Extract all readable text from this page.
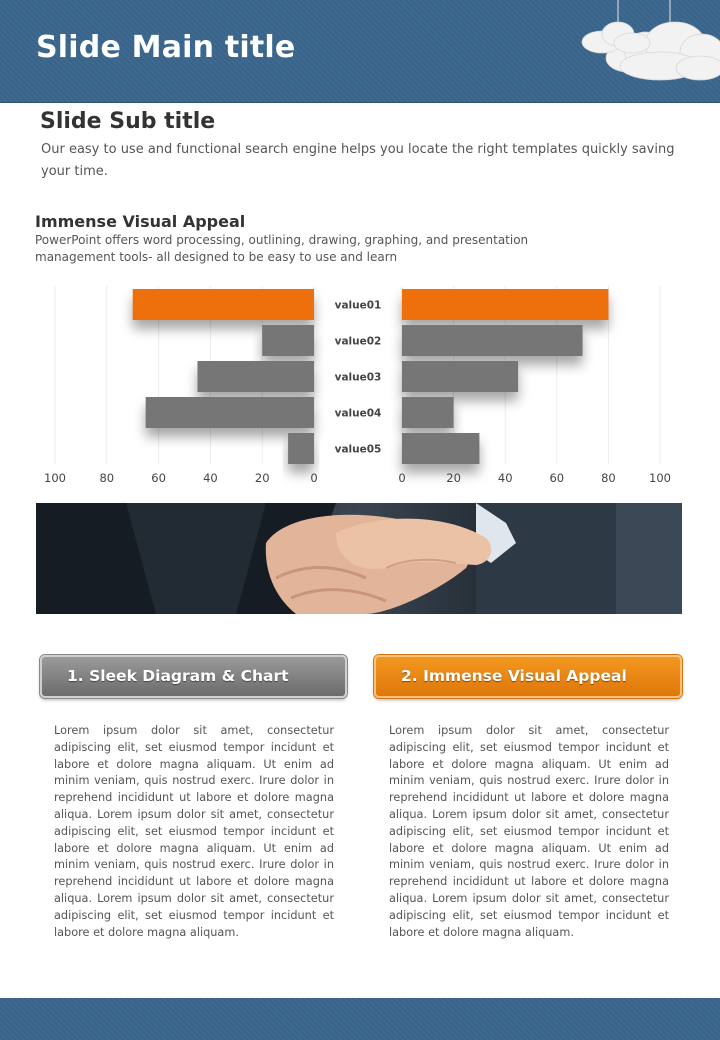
Slide Main title
Slide Sub title
Our easy to use and functional search engine helps you locate the right templates quickly saving your time.
Immense Visual Appeal
PowerPoint offers word processing, outlining, drawing, graphing, and presentation management tools- all designed to be easy to use and learn
value01
value02
value03
value04
value05
100	80	60	40	20	0	0	20	40	60	80	100
1. Sleek Diagram & Chart	2. Immense Visual Appeal
Lorem ipsum dolor sit amet, consectetur adipiscing elit, set eiusmod tempor incidunt et labore et dolore magna aliquam. Ut enim ad minim veniam, quis nostrud exerc. Irure dolor in reprehend incididunt ut labore et dolore magna aliqua. Lorem ipsum dolor sit amet, consectetur adipiscing elit, set eiusmod tempor incidunt et labore et dolore magna aliquam. Ut enim ad minim veniam, quis nostrud exerc. Irure dolor in reprehend incididunt ut labore et dolore magna aliqua. Lorem ipsum dolor sit amet, consectetur adipiscing elit, set eiusmod tempor incidunt et labore et dolore magna aliquam.
Lorem ipsum dolor sit amet, consectetur adipiscing elit, set eiusmod tempor incidunt et labore et dolore magna aliquam. Ut enim ad minim veniam, quis nostrud exerc. Irure dolor in reprehend incididunt ut labore et dolore magna aliqua. Lorem ipsum dolor sit amet, consectetur adipiscing elit, set eiusmod tempor incidunt et labore et dolore magna aliquam. Ut enim ad minim veniam, quis nostrud exerc. Irure dolor in reprehend incididunt ut labore et dolore magna aliqua. Lorem ipsum dolor sit amet, consectetur adipiscing elit, set eiusmod tempor incidunt et labore et dolore magna aliquam.
